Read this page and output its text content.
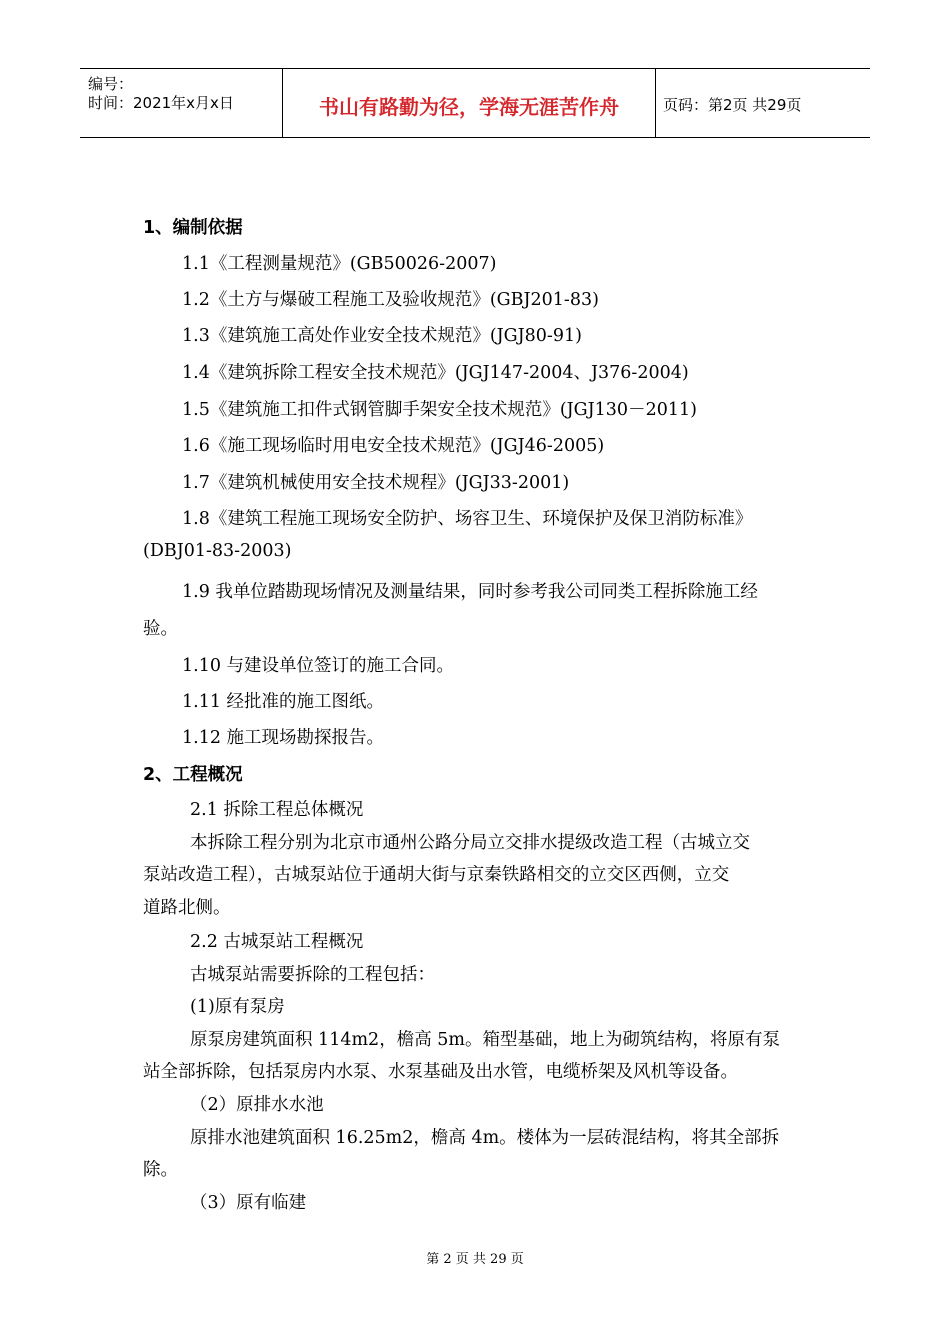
编号：
时间：2021年x月x日	书山有路勤为径，学海无涯苦作舟	页码：第2页 共29页
1、编制依据
1.1《工程测量规范》(GB50026-2007)
1.2《土方与爆破工程施工及验收规范》(GBJ201-83)
1.3《建筑施工高处作业安全技术规范》(JGJ80-91)
1.4《建筑拆除工程安全技术规范》(JGJ147-2004、J376-2004)
1.5《建筑施工扣件式钢管脚手架安全技术规范》(JGJ130－2011)
1.6《施工现场临时用电安全技术规范》(JGJ46-2005)
1.7《建筑机械使用安全技术规程》(JGJ33-2001)
1.8《建筑工程施工现场安全防护、场容卫生、环境保护及保卫消防标准》
(DBJ01-83-2003)
1.9 我单位踏勘现场情况及测量结果，同时参考我公司同类工程拆除施工经
验。
1.10 与建设单位签订的施工合同。
1.11 经批准的施工图纸。
1.12 施工现场勘探报告。
2、工程概况
2.1 拆除工程总体概况
本拆除工程分别为北京市通州公路分局立交排水提级改造工程（古城立交
泵站改造工程），古城泵站位于通胡大街与京秦铁路相交的立交区西侧，立交
道路北侧。
2.2 古城泵站工程概况
古城泵站需要拆除的工程包括：
(1)原有泵房
原泵房建筑面积 114m2，檐高 5m。箱型基础，地上为砌筑结构，将原有泵
站全部拆除，包括泵房内水泵、水泵基础及出水管，电缆桥架及风机等设备。
（2）原排水水池
原排水池建筑面积 16.25m2，檐高 4m。楼体为一层砖混结构，将其全部拆
除。
（3）原有临建
第 2 页 共 29 页
